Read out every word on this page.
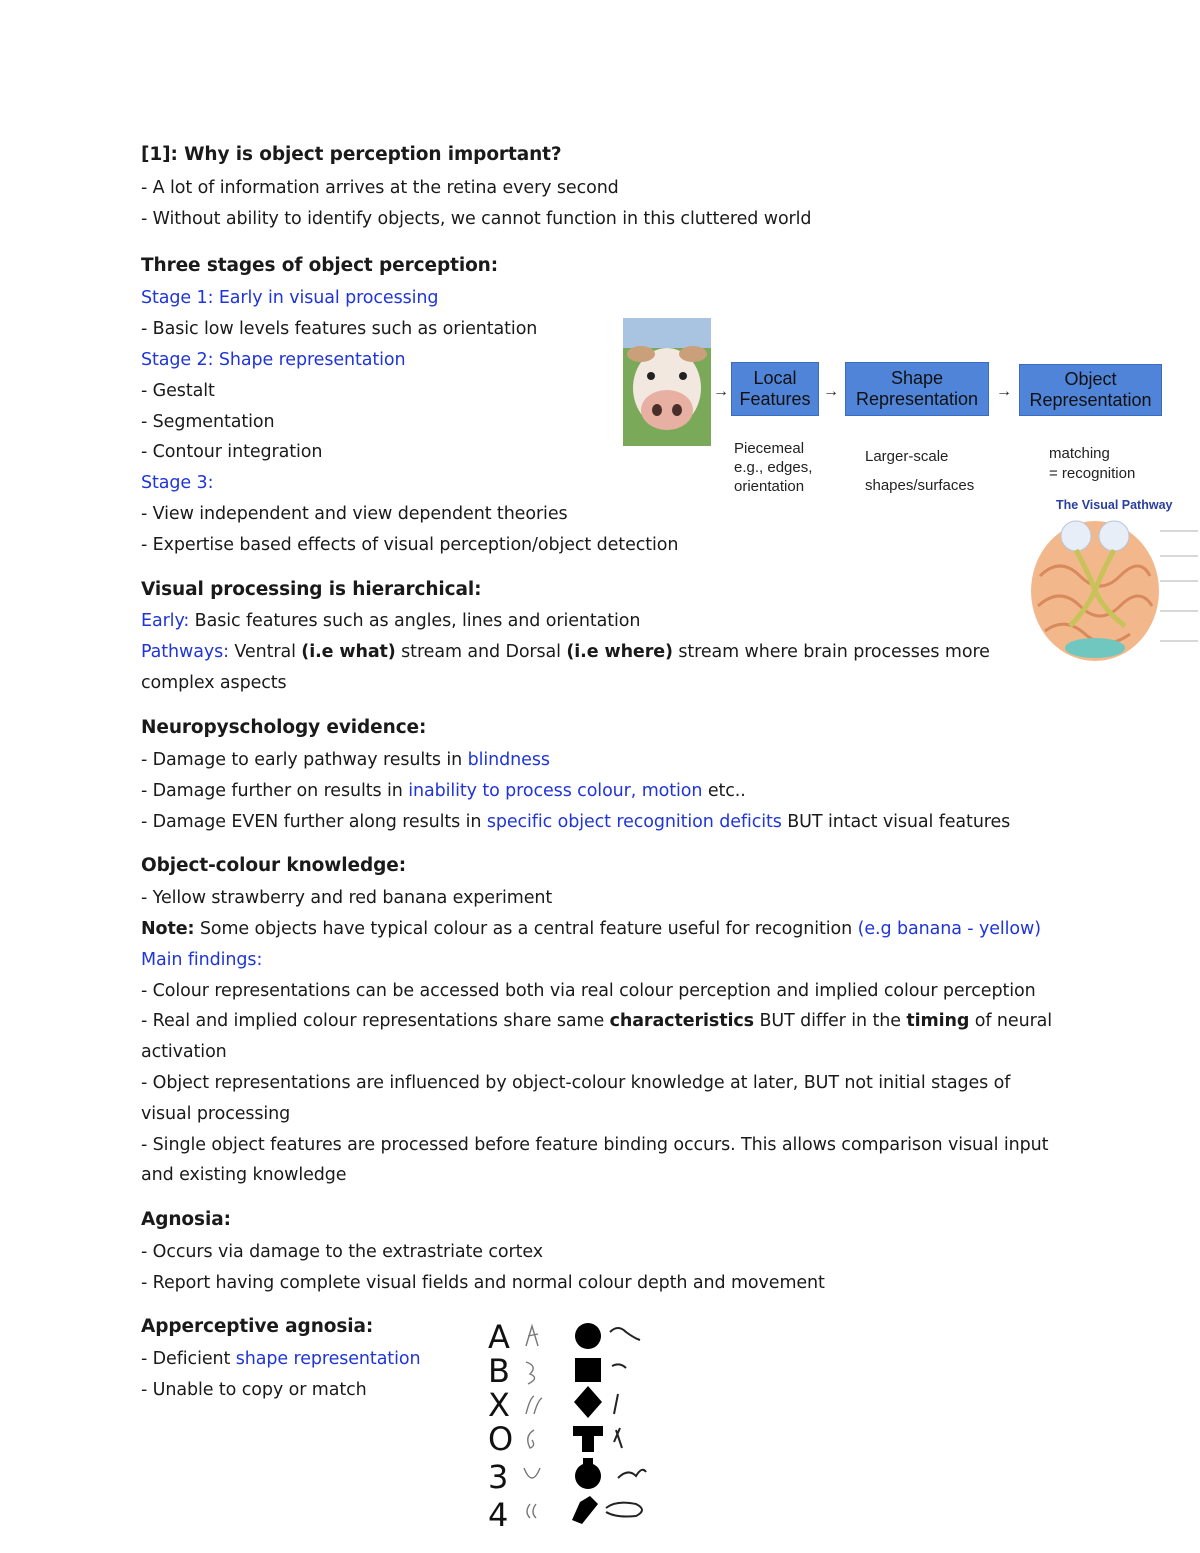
[1]: Why is object perception important?
- A lot of information arrives at the retina every second
- Without ability to identify objects, we cannot function in this cluttered world
Three stages of object perception:
Stage 1: Early in visual processing
- Basic low levels features such as orientation
Stage 2: Shape representation
- Gestalt
- Segmentation
- Contour integration
Stage 3:
- View independent and view dependent theories
- Expertise based effects of visual perception/object detection
→
Local Features →
Shape Representation	→
Object Representation
Piecemeal
e.g., edges,
orientation
Larger-scale
shapes/surfaces
matching
= recognition
The Visual Pathway
Visual processing is hierarchical:
Early: Basic features such as angles, lines and orientation
Pathways: Ventral (i.e what) stream and Dorsal (i.e where) stream where brain processes more
complex aspects
Neuropyschology evidence:
- Damage to early pathway results in blindness
- Damage further on results in inability to process colour, motion etc..
- Damage EVEN further along results in specific object recognition deficits BUT intact visual features
Object-colour knowledge:
- Yellow strawberry and red banana experiment
Note: Some objects have typical colour as a central feature useful for recognition (e.g banana - yellow)
Main findings:
- Colour representations can be accessed both via real colour perception and implied colour perception
- Real and implied colour representations share same characteristics BUT differ in the timing of neural
activation
- Object representations are influenced by object-colour knowledge at later, BUT not initial stages of
visual processing
- Single object features are processed before feature binding occurs. This allows comparison visual input
and existing knowledge
Agnosia:
- Occurs via damage to the extrastriate cortex
- Report having complete visual fields and normal colour depth and movement
Apperceptive agnosia:
- Deficient shape representation
- Unable to copy or match
A
B
X
O
3
4
